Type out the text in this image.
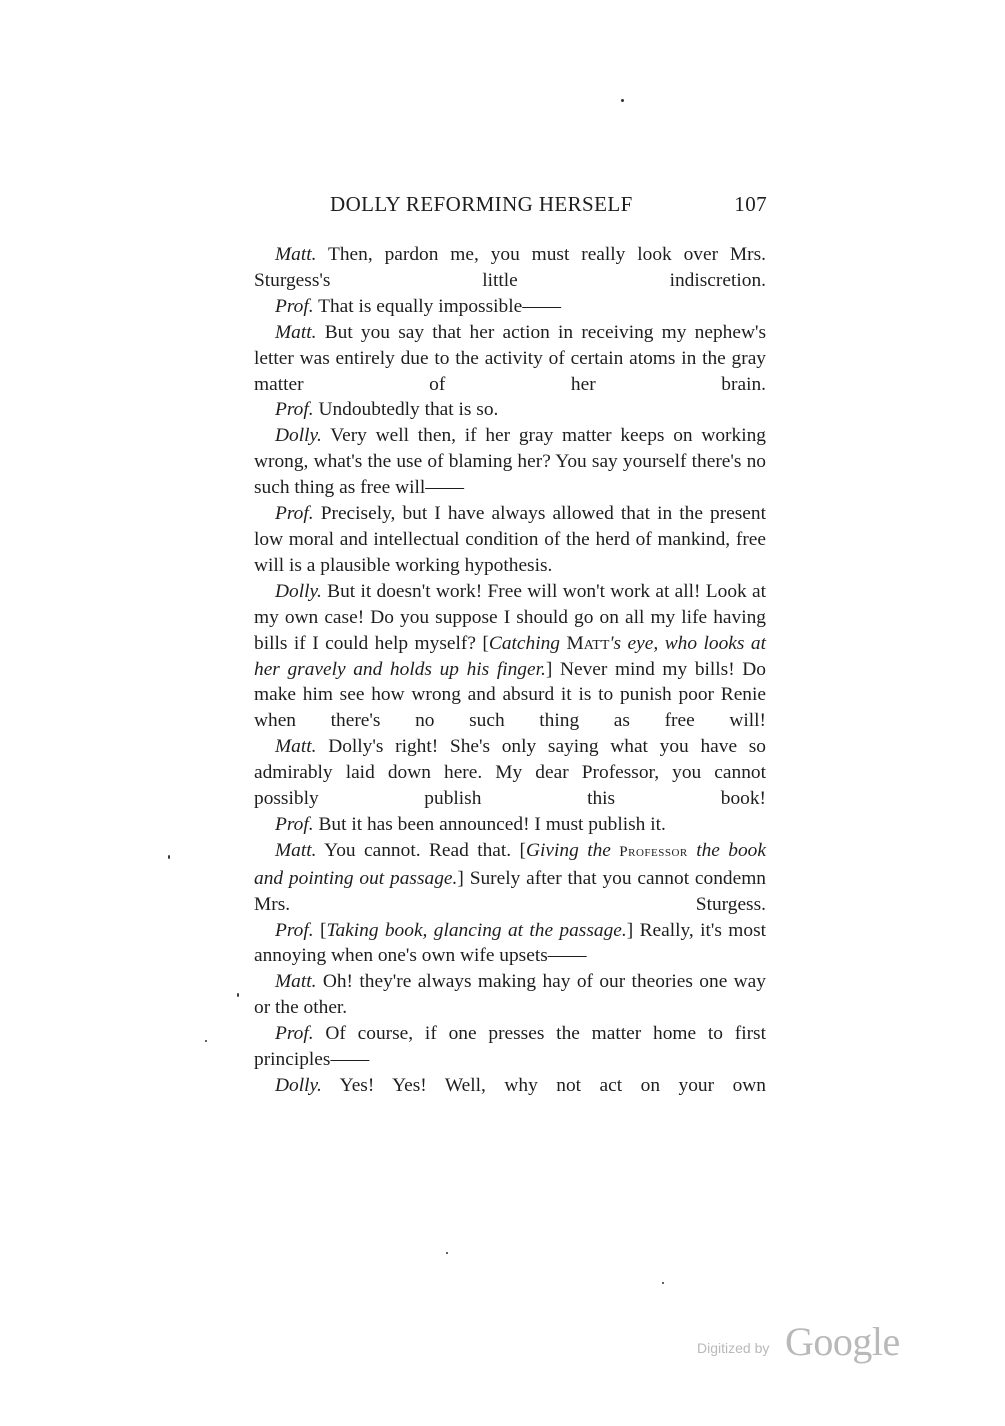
DOLLY REFORMING HERSELF	107

Matt. Then, pardon me, you must really look over Mrs. Sturgess's little indiscretion.

Prof. That is equally impossible——

Matt. But you say that her action in receiving my nephew's letter was entirely due to the activity of certain atoms in the gray matter of her brain.

Prof. Undoubtedly that is so.

Dolly. Very well then, if her gray matter keeps on working wrong, what's the use of blaming her? You say yourself there's no such thing as free will——

Prof. Precisely, but I have always allowed that in the present low moral and intellectual condition of the herd of mankind, free will is a plausible working hypothesis.

Dolly. But it doesn't work! Free will won't work at all! Look at my own case! Do you suppose I should go on all my life having bills if I could help myself? [Catching Matt's eye, who looks at her gravely and holds up his finger.] Never mind my bills! Do make him see how wrong and absurd it is to punish poor Renie when there's no such thing as free will!

Matt. Dolly's right! She's only saying what you have so admirably laid down here. My dear Professor, you cannot possibly publish this book!

Prof. But it has been announced! I must publish it.

Matt. You cannot. Read that. [Giving the Professor the book and pointing out passage.] Surely after that you cannot condemn Mrs. Sturgess.

Prof. [Taking book, glancing at the passage.] Really, it's most annoying when one's own wife upsets——

Matt. Oh! they're always making hay of our theories one way or the other.

Prof. Of course, if one presses the matter home to first principles——

Dolly. Yes! Yes! Well, why not act on your own

Digitized by Google
